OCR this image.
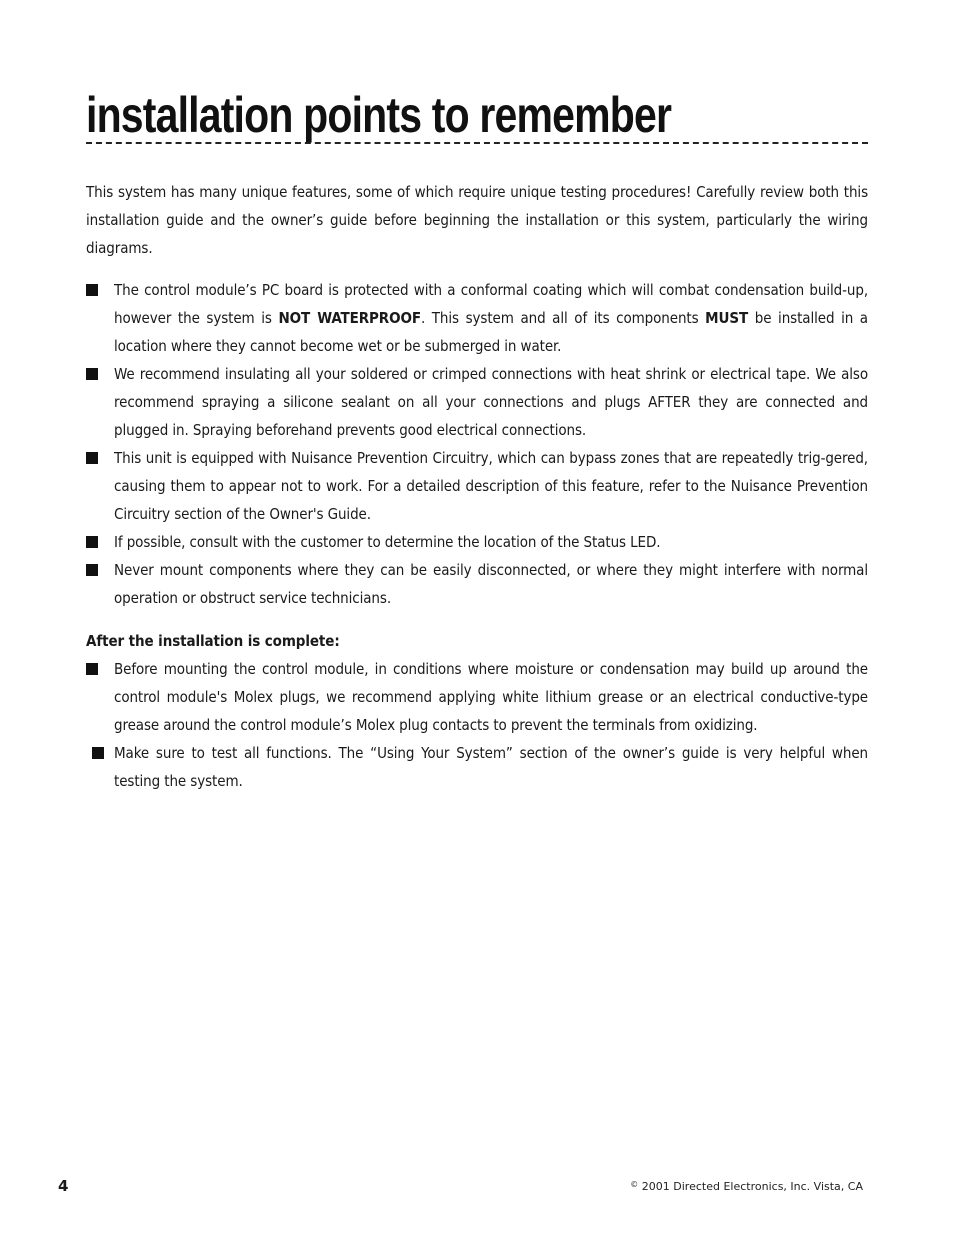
installation points to remember

This system has many unique features, some of which require unique testing procedures! Carefully review both this installation guide and the owner’s guide before beginning the installation or this system, particularly the wiring diagrams.

The control module’s PC board is protected with a conformal coating which will combat condensation build-up, however the system is NOT WATERPROOF. This system and all of its components MUST be installed in a location where they cannot become wet or be submerged in water.
We recommend insulating all your soldered or crimped connections with heat shrink or electrical tape. We also recommend spraying a silicone sealant on all your connections and plugs AFTER they are connected and plugged in. Spraying beforehand prevents good electrical connections.
This unit is equipped with Nuisance Prevention Circuitry, which can bypass zones that are repeatedly trig-gered, causing them to appear not to work. For a detailed description of this feature, refer to the Nuisance Prevention Circuitry section of the Owner's Guide.
If possible, consult with the customer to determine the location of the Status LED.
Never mount components where they can be easily disconnected, or where they might interfere with normal operation or obstruct service technicians.

After the installation is complete:

Before mounting the control module, in conditions where moisture or condensation may build up around the control module's Molex plugs, we recommend applying white lithium grease or an electrical conductive-type grease around the control module’s Molex plug contacts to prevent the terminals from oxidizing.
Make sure to test all functions. The “Using Your System” section of the owner’s guide is very helpful when testing the system.
4	© 2001 Directed Electronics, Inc. Vista, CA
